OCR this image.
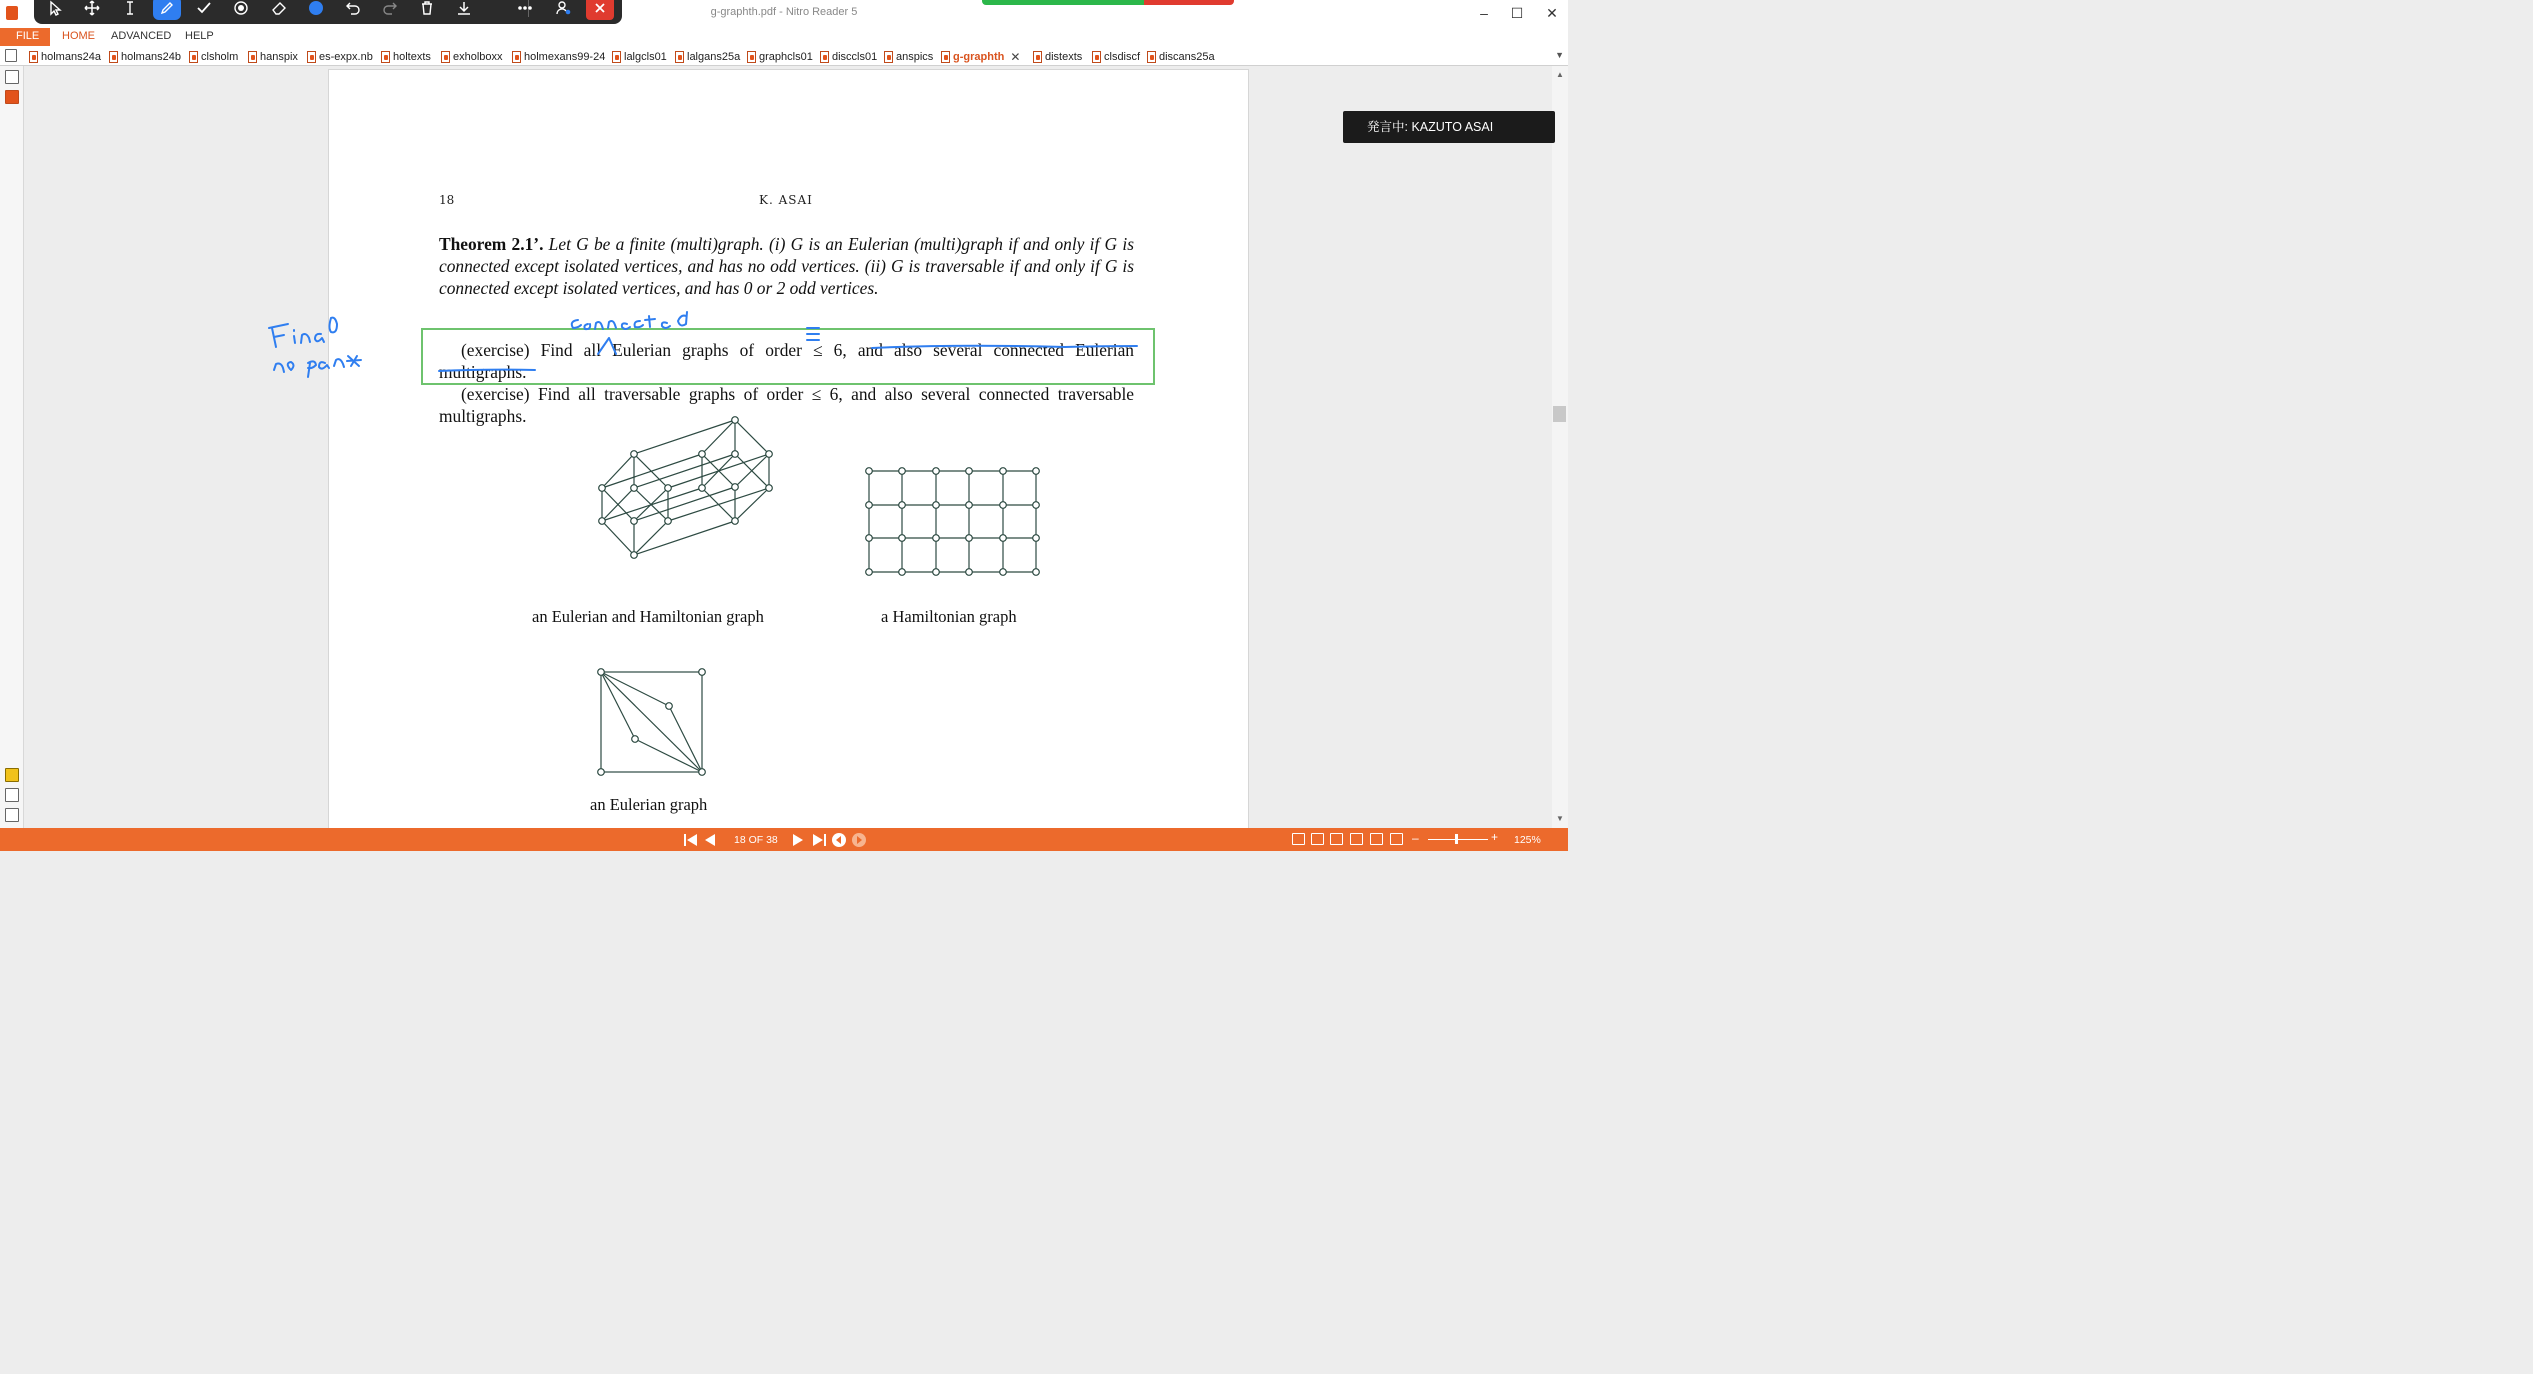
g-graphth.pdf - Nitro Reader 5	–	☐	✕
FILE	HOME ADVANCED HELP
holmans24a holmans24b clsholm hanspix es-expx.nb holtexts exholboxx holmexans99-24 lalgcls01 lalgans25a graphcls01 disccls01 anspics g-graphth ✕ distexts clsdiscf discans25a	▼
18	K. ASAI
Theorem 2.1’. Let G be a finite (multi)graph. (i) G is an Eulerian (multi)graph if and only if G is connected except isolated vertices, and has no odd vertices. (ii) G is traversable if and only if G is connected except isolated vertices, and has 0 or 2 odd vertices.
(exercise) Find all Eulerian graphs of order ≤ 6, and also several connected Eulerian multigraphs.
(exercise) Find all traversable graphs of order ≤ 6, and also several connected traversable multigraphs.
an Eulerian and Hamiltonian graph	a Hamiltonian graph
an Eulerian graph
▲
▼
発言中: KAZUTO ASAI
18 OF 38	–	+ 125%
